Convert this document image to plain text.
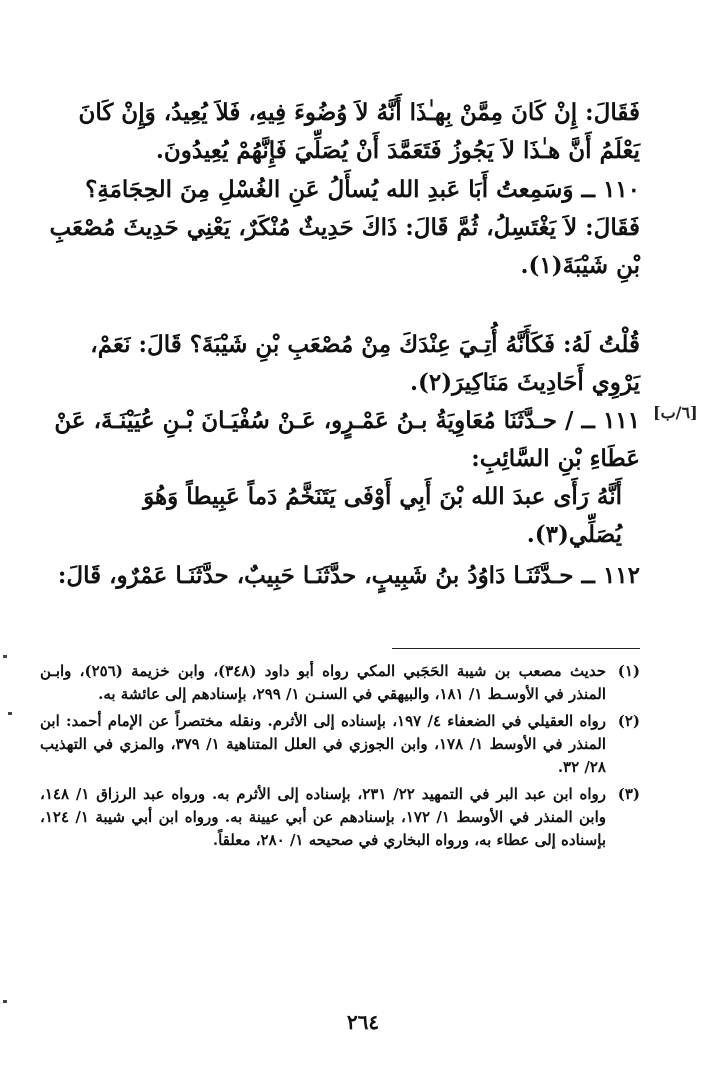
فَقَالَ: إِنْ كَانَ مِمَّنْ بِهـٰذَا أَنَّهُ لاَ وُضُوءَ فِيهِ، فَلاَ يُعِيدُ، وَإِنْ كَانَ يَعْلَمُ أَنَّ هـٰذَا لاَ يَجُوزُ فَتَعَمَّدَ أَنْ يُصَلِّيَ فَإِنَّهُمْ يُعِيدُونَ.

١١٠ ــ وَسَمِعتُ أَبَا عَبدِ الله يُسأَلُ عَنِ الغُسْلِ مِنَ الحِجَامَةِ؟ فَقَالَ: لاَ يَغْتَسِلُ، ثُمَّ قَالَ: ذَاكَ حَدِيثٌ مُنْكَرٌ، يَعْنِي حَدِيثَ مُصْعَبِ بْنِ شَيْبَةَ(١).

قُلْتُ لَهُ: فَكَأَنَّهُ أُتِـيَ عِنْدَكَ مِنْ مُصْعَبِ بْنِ شَيْبَةَ؟ قَالَ: نَعَمْ، يَرْوِي أَحَادِيثَ مَنَاكِيرَ(٢).

[٦/ب]

١١١ ــ / حـدَّثَنَا مُعَاوِيَةُ بـنُ عَمْـرٍو، عَـنْ سُفْيَـانَ بْـنِ عُيَيْنَـةَ، عَنْ عَطَاءِ بْنِ السَّائِبِ:

أَنَّهُ رَأَى عبدَ الله بْنَ أَبِي أَوْفَى يَتَنَخَّمُ دَماً عَبِيطاً وَهُوَ يُصَلِّي(٣).

١١٢ ــ حـدَّثَنَـا دَاوُدُ بنُ شَبِيبٍ، حدَّثَنَـا حَبِيبٌ، حدَّثَنَـا عَمْرٌو، قَالَ:

(١)
حديث مصعب بن شيبة الحَجَبي المكي رواه أبو داود (٣٤٨)، وابن خزيمة (٢٥٦)، وابـن المنذر في الأوسـط ١/ ١٨١، والبيهقي في السنـن ١/ ٢٩٩، بإسنادهم إلى عائشة به.
(٢)
رواه العقيلي في الضعفاء ٤/ ١٩٧، بإسناده إلى الأثرم. ونقله مختصراً عن الإمام أحمد: ابن المنذر في الأوسط ١/ ١٧٨، وابن الجوزي في العلل المتناهية ١/ ٣٧٩، والمزي في التهذيب ٢٨/ ٣٢.
(٣)
رواه ابن عبد البر في التمهيد ٢٢/ ٢٣١، بإسناده إلى الأثرم به. ورواه عبد الرزاق ١/ ١٤٨، وابن المنذر في الأوسط ١/ ١٧٢، بإسنادهم عن أبي عيينة به. ورواه ابن أبي شيبة ١/ ١٢٤، بإسناده إلى عطاء به، ورواه البخاري في صحيحه ١/ ٢٨٠، معلقاً.
٢٦٤
